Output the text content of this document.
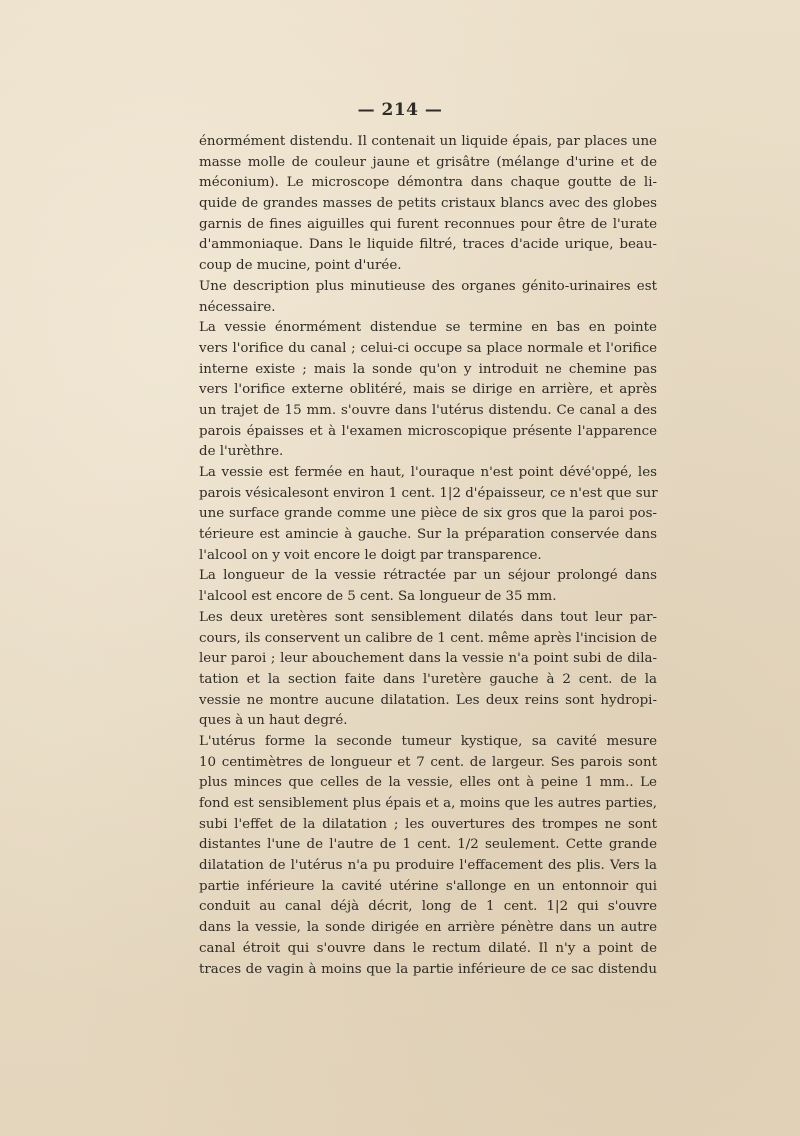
— 214 —
énormément distendu. Il contenait un liquide épais, par places une
masse molle de couleur jaune et grisâtre (mélange d'urine et de
méconium). Le microscope démontra dans chaque goutte de li-
quide de grandes masses de petits cristaux blancs avec des globes
garnis de fines aiguilles qui furent reconnues pour être de l'urate
d'ammoniaque. Dans le liquide filtré, traces d'acide urique, beau-
coup de mucine, point d'urée.
Une description plus minutieuse des organes génito-urinaires est
nécessaire.
La vessie énormément distendue se termine en bas en pointe
vers l'orifice du canal ; celui-ci occupe sa place normale et l'orifice
interne existe ; mais la sonde qu'on y introduit ne chemine pas
vers l'orifice externe oblitéré, mais se dirige en arrière, et après
un trajet de 15 mm. s'ouvre dans l'utérus distendu. Ce canal a des
parois épaisses et à l'examen microscopique présente l'apparence
de l'urèthre.
La vessie est fermée en haut, l'ouraque n'est point dévé'oppé, les
parois vésicalesont environ 1 cent. 1|2 d'épaisseur, ce n'est que sur
une surface grande comme une pièce de six gros que la paroi pos-
térieure est amincie à gauche. Sur la préparation conservée dans
l'alcool on y voit encore le doigt par transparence.
La longueur de la vessie rétractée par un séjour prolongé dans
l'alcool est encore de 5 cent. Sa longueur de 35 mm.
Les deux uretères sont sensiblement dilatés dans tout leur par-
cours, ils conservent un calibre de 1 cent. même après l'incision de
leur paroi ; leur abouchement dans la vessie n'a point subi de dila-
tation et la section faite dans l'uretère gauche à 2 cent. de la
vessie ne montre aucune dilatation. Les deux reins sont hydropi-
ques à un haut degré.
L'utérus forme la seconde tumeur kystique, sa cavité mesure
10 centimètres de longueur et 7 cent. de largeur. Ses parois sont
plus minces que celles de la vessie, elles ont à peine 1 mm.. Le
fond est sensiblement plus épais et a, moins que les autres parties,
subi l'effet de la dilatation ; les ouvertures des trompes ne sont
distantes l'une de l'autre de 1 cent. 1/2 seulement. Cette grande
dilatation de l'utérus n'a pu produire l'effacement des plis. Vers la
partie inférieure la cavité utérine s'allonge en un entonnoir qui
conduit au canal déjà décrit, long de 1 cent. 1|2 qui s'ouvre
dans la vessie, la sonde dirigée en arrière pénètre dans un autre
canal étroit qui s'ouvre dans le rectum dilaté. Il n'y a point de
traces de vagin à moins que la partie inférieure de ce sac distendu
